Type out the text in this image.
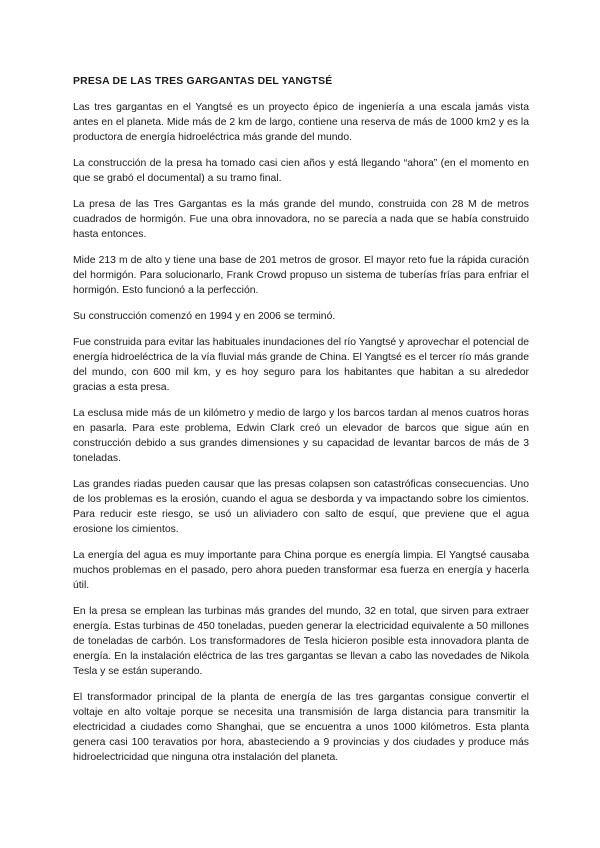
PRESA DE LAS TRES GARGANTAS DEL YANGTSÉ

Las tres gargantas en el Yangtsé es un proyecto épico de ingeniería a una escala jamás vista antes en el planeta. Mide más de 2 km de largo, contiene una reserva de más de 1000 km2 y es la productora de energía hidroeléctrica más grande del mundo.

La construcción de la presa ha tomado casi cien años y está llegando “ahora” (en el momento en que se grabó el documental) a su tramo final.

La presa de las Tres Gargantas es la más grande del mundo, construida con 28 M de metros cuadrados de hormigón. Fue una obra innovadora, no se parecía a nada que se había construido hasta entonces.

Mide 213 m de alto y tiene una base de 201 metros de grosor. El mayor reto fue la rápida curación del hormigón. Para solucionarlo, Frank Crowd propuso un sistema de tuberías frías para enfriar el hormigón. Esto funcionó a la perfección.

Su construcción comenzó en 1994 y en 2006 se terminó.

Fue construida para evitar las habituales inundaciones del río Yangtsé y aprovechar el potencial de energía hidroeléctrica de la vía fluvial más grande de China. El Yangtsé es el tercer río más grande del mundo, con 600 mil km, y es hoy seguro para los habitantes que habitan a su alrededor gracias a esta presa.

La esclusa mide más de un kilómetro y medio de largo y los barcos tardan al menos cuatros horas en pasarla. Para este problema, Edwin Clark creó un elevador de barcos que sigue aún en construcción debido a sus grandes dimensiones y su capacidad de levantar barcos de más de 3 toneladas.

Las grandes riadas pueden causar que las presas colapsen son catastróficas consecuencias. Uno de los problemas es la erosión, cuando el agua se desborda y va impactando sobre los cimientos. Para reducir este riesgo, se usó un aliviadero con salto de esquí, que previene que el agua erosione los cimientos.

La energía del agua es muy importante para China porque es energía limpia. El Yangtsé causaba muchos problemas en el pasado, pero ahora pueden transformar esa fuerza en energía y hacerla útil.

En la presa se emplean las turbinas más grandes del mundo, 32 en total, que sirven para extraer energía. Estas turbinas de 450 toneladas, pueden generar la electricidad equivalente a 50 millones de toneladas de carbón. Los transformadores de Tesla hicieron posible esta innovadora planta de energía. En la instalación eléctrica de las tres gargantas se llevan a cabo las novedades de Nikola Tesla y se están superando.

El transformador principal de la planta de energía de las tres gargantas consigue convertir el voltaje en alto voltaje porque se necesita una transmisión de larga distancia para transmitir la electricidad a ciudades como Shanghai, que se encuentra a unos 1000 kilómetros. Esta planta genera casi 100 teravatios por hora, abasteciendo a 9 provincias y dos ciudades y produce más hidroelectricidad que ninguna otra instalación del planeta.
